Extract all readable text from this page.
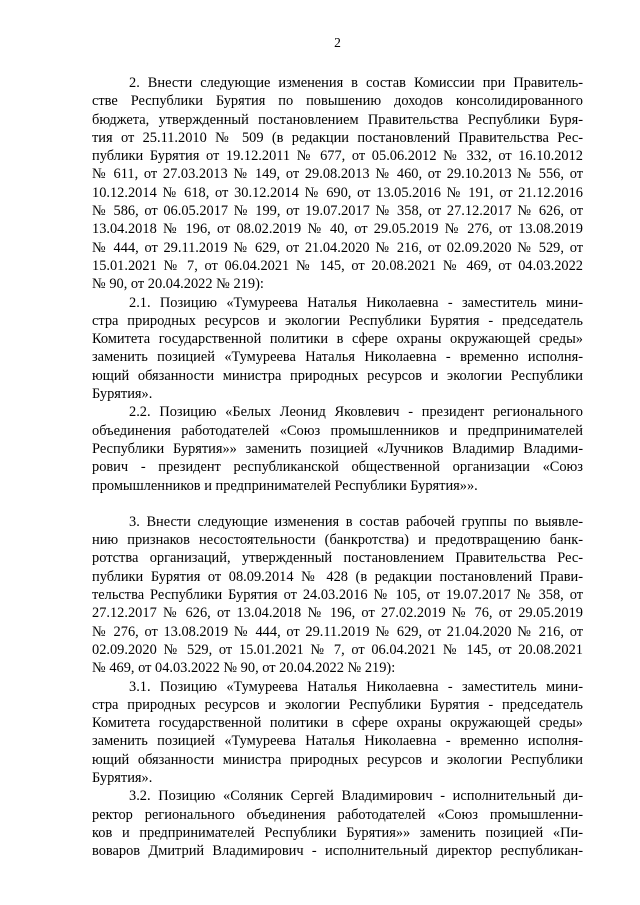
2

2. Внести следующие изменения в состав Комиссии при Правитель-
стве Республики Бурятия по повышению доходов консолидированного
бюджета, утвержденный постановлением Правительства Республики Буря-
тия от 25.11.2010 № 509 (в редакции постановлений Правительства Рес-
публики Бурятия от 19.12.2011 № 677, от 05.06.2012 № 332, от 16.10.2012
№ 611, от 27.03.2013 № 149, от 29.08.2013 № 460, от 29.10.2013 № 556, от
10.12.2014 № 618, от 30.12.2014 № 690, от 13.05.2016 № 191, от 21.12.2016
№ 586, от 06.05.2017 № 199, от 19.07.2017 № 358, от 27.12.2017 № 626, от
13.04.2018 № 196, от 08.02.2019 № 40, от 29.05.2019 № 276, от 13.08.2019
№ 444, от 29.11.2019 № 629, от 21.04.2020 № 216, от 02.09.2020 № 529, от
15.01.2021 № 7, от 06.04.2021 № 145, от 20.08.2021 № 469, от 04.03.2022
№ 90, от 20.04.2022 № 219):

2.1. Позицию «Тумуреева Наталья Николаевна - заместитель мини-
стра природных ресурсов и экологии Республики Бурятия - председатель
Комитета государственной политики в сфере охраны окружающей среды»
заменить позицией «Тумуреева Наталья Николаевна - временно исполня-
ющий обязанности министра природных ресурсов и экологии Республики
Бурятия».

2.2. Позицию «Белых Леонид Яковлевич - президент регионального
объединения работодателей «Союз промышленников и предпринимателей
Республики Бурятия»» заменить позицией «Лучников Владимир Владими-
рович - президент республиканской общественной организации «Союз
промышленников и предпринимателей Республики Бурятия»».

3. Внести следующие изменения в состав рабочей группы по выявле-
нию признаков несостоятельности (банкротства) и предотвращению банк-
ротства организаций, утвержденный постановлением Правительства Рес-
публики Бурятия от 08.09.2014 № 428 (в редакции постановлений Прави-
тельства Республики Бурятия от 24.03.2016 № 105, от 19.07.2017 № 358, от
27.12.2017 № 626, от 13.04.2018 № 196, от 27.02.2019 № 76, от 29.05.2019
№ 276, от 13.08.2019 № 444, от 29.11.2019 № 629, от 21.04.2020 № 216, от
02.09.2020 № 529, от 15.01.2021 № 7, от 06.04.2021 № 145, от 20.08.2021
№ 469, от 04.03.2022 № 90, от 20.04.2022 № 219):

3.1. Позицию «Тумуреева Наталья Николаевна - заместитель мини-
стра природных ресурсов и экологии Республики Бурятия - председатель
Комитета государственной политики в сфере охраны окружающей среды»
заменить позицией «Тумуреева Наталья Николаевна - временно исполня-
ющий обязанности министра природных ресурсов и экологии Республики
Бурятия».

3.2. Позицию «Соляник Сергей Владимирович - исполнительный ди-
ректор регионального объединения работодателей «Союз промышленни-
ков и предпринимателей Республики Бурятия»» заменить позицией «Пи-
воваров Дмитрий Владимирович - исполнительный директор республикан-
